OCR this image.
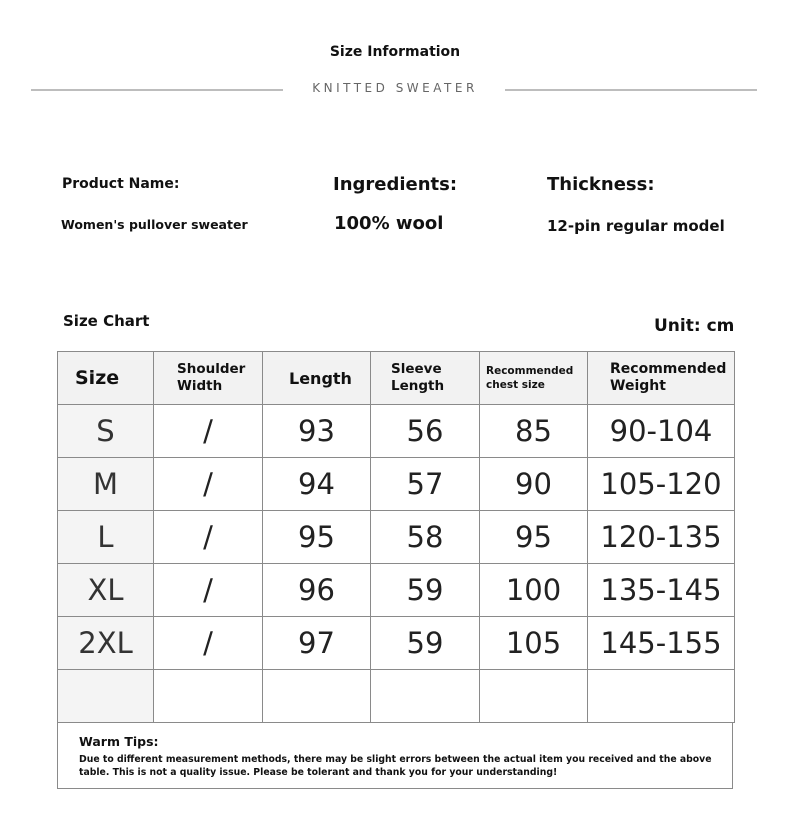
Size Information
KNITTED SWEATER
Product Name:
Women's pullover sweater
Ingredients:
100% wool
Thickness:
12-pin regular model
Size Chart	Unit: cm
Size	Shoulder Width	Length	Sleeve Length	Recommended chest size	Recommended Weight
S	/	93	56	85	90-104
M	/	94	57	90	105-120
L	/	95	58	95	120-135
XL	/	96	59	100	135-145
2XL	/	97	59	105	145-155

Warm Tips:
Due to different measurement methods, there may be slight errors between the actual item you received and the above table. This is not a quality issue. Please be tolerant and thank you for your understanding!
